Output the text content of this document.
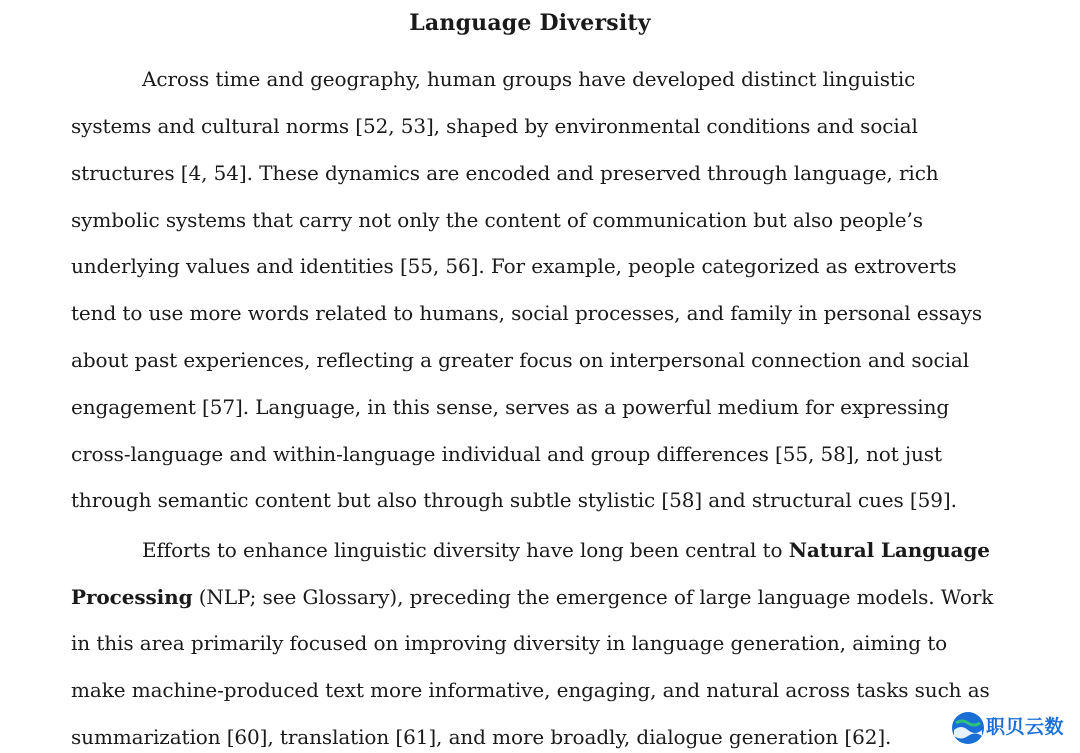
Language Diversity
Across time and geography, human groups have developed distinct linguistic
systems and cultural norms [52, 53], shaped by environmental conditions and social
structures [4, 54]. These dynamics are encoded and preserved through language, rich
symbolic systems that carry not only the content of communication but also people’s
underlying values and identities [55, 56]. For example, people categorized as extroverts
tend to use more words related to humans, social processes, and family in personal essays
about past experiences, reflecting a greater focus on interpersonal connection and social
engagement [57]. Language, in this sense, serves as a powerful medium for expressing
cross-language and within-language individual and group differences [55, 58], not just
through semantic content but also through subtle stylistic [58] and structural cues [59].
Efforts to enhance linguistic diversity have long been central to Natural Language
Processing (NLP; see Glossary), preceding the emergence of large language models. Work
in this area primarily focused on improving diversity in language generation, aiming to
make machine-produced text more informative, engaging, and natural across tasks such as
summarization [60], translation [61], and more broadly, dialogue generation [62].	职贝云数
